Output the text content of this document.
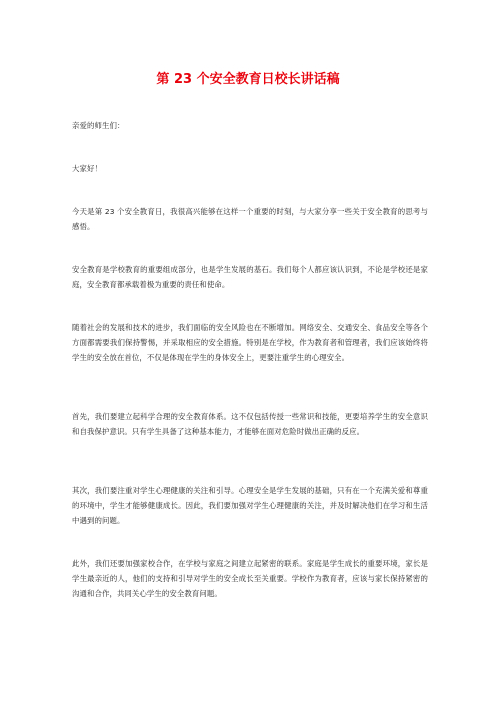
第 23 个安全教育日校长讲话稿

亲爱的师生们：

大家好！

今天是第 23 个安全教育日，我很高兴能够在这样一个重要的时刻，与大家分享一些关于安全教育的思考与感悟。

安全教育是学校教育的重要组成部分，也是学生发展的基石。我们每个人都应该认识到，不论是学校还是家庭，安全教育都承载着极为重要的责任和使命。

随着社会的发展和技术的进步，我们面临的安全风险也在不断增加。网络安全、交通安全、食品安全等各个方面都需要我们保持警惕，并采取相应的安全措施。特别是在学校，作为教育者和管理者，我们应该始终将学生的安全放在首位，不仅是体现在学生的身体安全上，更要注重学生的心理安全。

首先，我们要建立起科学合理的安全教育体系。这不仅包括传授一些常识和技能，更要培养学生的安全意识和自我保护意识。只有学生具备了这种基本能力，才能够在面对危险时做出正确的反应。

其次，我们要注重对学生心理健康的关注和引导。心理安全是学生发展的基础，只有在一个充满关爱和尊重的环境中，学生才能够健康成长。因此，我们要加强对学生心理健康的关注，并及时解决他们在学习和生活中遇到的问题。

此外，我们还要加强家校合作，在学校与家庭之间建立起紧密的联系。家庭是学生成长的重要环境，家长是学生最亲近的人，他们的支持和引导对学生的安全成长至关重要。学校作为教育者，应该与家长保持紧密的沟通和合作，共同关心学生的安全教育问题。
